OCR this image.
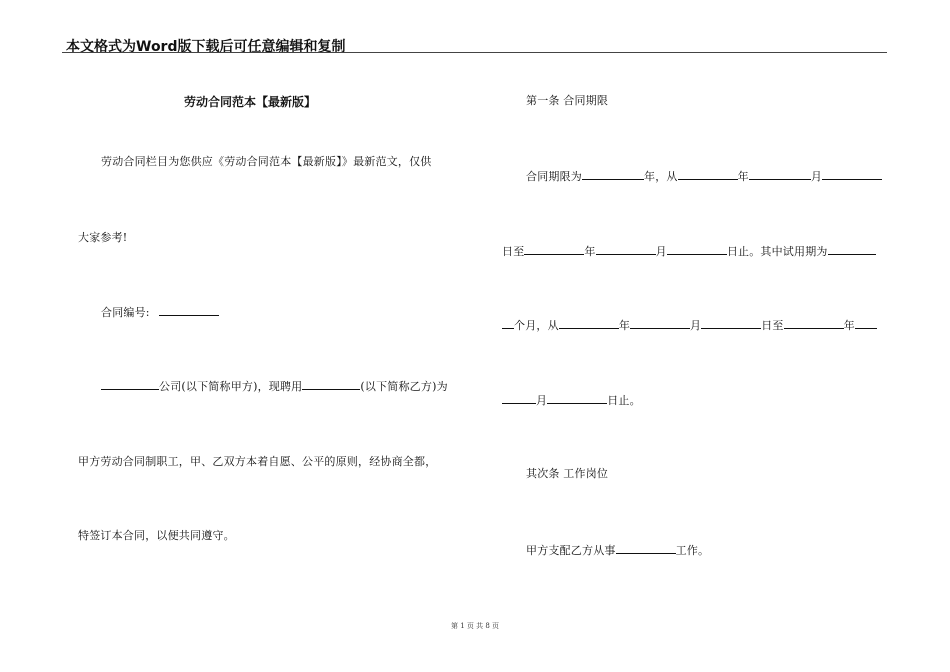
本文格式为Word版下载后可任意编辑和复制
劳动合同范本【最新版】
劳动合同栏目为您供应《劳动合同范本【最新版】》最新范文，仅供
大家参考!
合同编号:
公司(以下简称甲方)，现聘用	(以下简称乙方)为
甲方劳动合同制职工，甲、乙双方本着自愿、公平的原则，经协商全都，
特签订本合同，以便共同遵守。
第一条 合同期限
合同期限为	年，从	年	月
日至	年	月	日止。其中试用期为
个月，从	年	月	日至	年
月	日止。
其次条 工作岗位
甲方支配乙方从事	工作。
第 1 页 共 8 页
